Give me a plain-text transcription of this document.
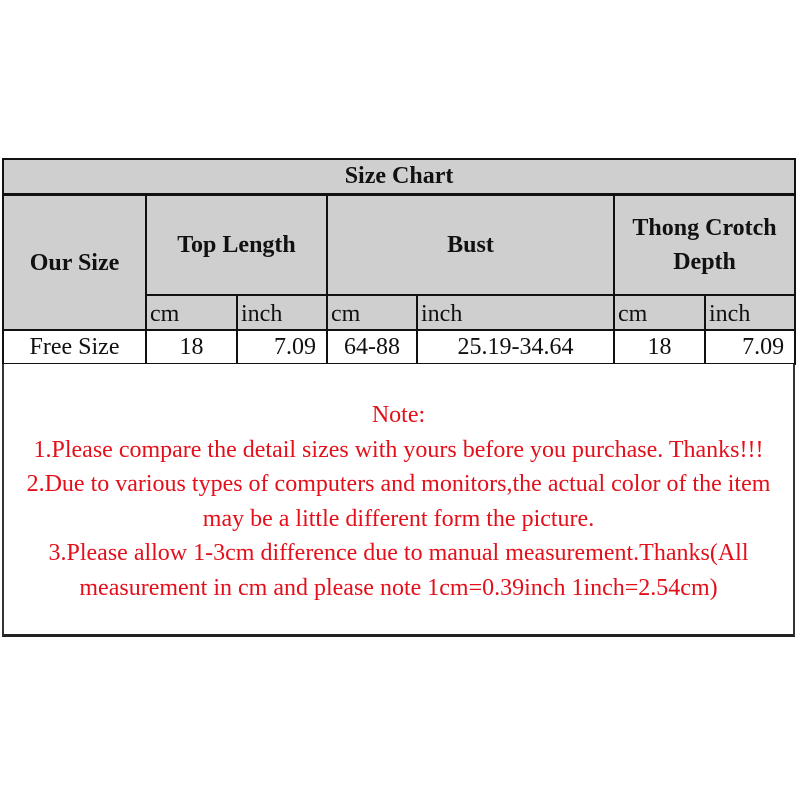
Size Chart						
Our Size	Top Length		Bust		Thong Crotch Depth	
	cm	inch	cm	inch	cm	inch
Free Size	18	7.09	64-88	25.19-34.64	18	7.09

Note:

1.Please compare the detail sizes with yours before you purchase. Thanks!!!

2.Due to various types of computers and monitors,the actual color of the item may be a little different form the picture.

3.Please allow 1-3cm difference due to manual measurement.Thanks(All measurement in cm and please note 1cm=0.39inch 1inch=2.54cm)
